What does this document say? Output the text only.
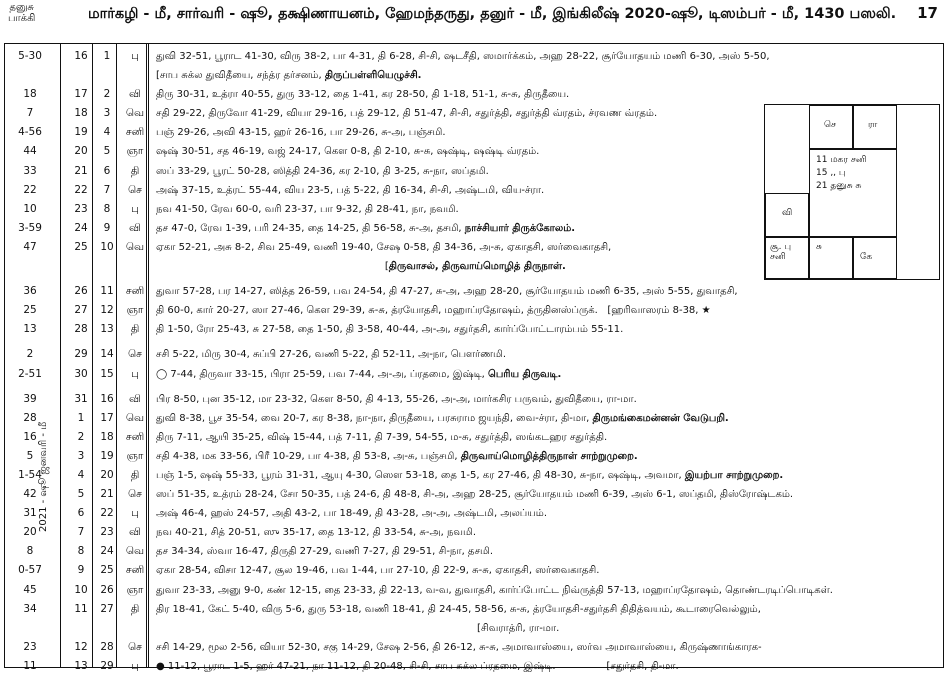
தனுசு
பாக்கி	மார்கழி - மீ, சார்வரி - ஷூ, தக்ஷிணாயனம், ஹேமந்தருது, தனுர் - மீ, இங்கிலீஷ் 2020-ஷூ, டிஸம்பர் - மீ, 1430 பஸலி. 17
2021 - ஷூ ஜனவரி - மீ
5-30	16	1	பு	துவி 32-51, பூராட 41-30, விரு 38-2, பா 4-31, தி 6-28, சி-சி, ஷடசீதி, ஸமார்க்கம், அஹ 28-22, சூர்யோதயம் மணி 6-30, அஸ் 5-50,
[சாப சுக்ல துவிதீயை, சந்த்ர தர்சனம், திருப்பள்ளியெழுச்சி.
18	17	2	வி	திரு 30-31, உத்ரா 40-55, துரு 33-12, தை 1-41, கர 28-50, தி 1-18, 51-1, சு-சு, திருதீயை.
7	18	3	வெ	சதி 29-22, திருவோ 41-29, வியா 29-16, பத் 29-12, தி 51-47, சி-சி, சதுர்த்தி, சதுர்த்தி வ்ரதம், ச்ரவண வ்ரதம்.
4-56	19	4	சனி	பஞ் 29-26, அவி 43-15, ஹர் 26-16, பா 29-26, சு-அ, பஞ்சமி.
44	20	5	ஞா	ஷஷ் 30-51, சத 46-19, வஜ் 24-17, கௌ 0-8, தி 2-10, சு-சு, ஷஷ்டி, ஷஷ்டி வ்ரதம்.
33	21	6	தி	ஸப் 33-29, பூரட் 50-28, ஸித்தி 24-36, கர 2-10, தி 3-25, சு-நா, ஸப்தமி.
22	22	7	செ	அஷ் 37-15, உத்ரட் 55-44, விய 23-5, பத் 5-22, தி 16-34, சி-சி, அஷ்டமி, விய-ச்ரா.
10	23	8	பு	நவ 41-50, ரேவ 60-0, வரி 23-37, பா 9-32, தி 28-41, நா, நவமி.
3-59	24	9	வி	தச 47-0, ரேவ 1-39, பரி 24-35, தை 14-25, தி 56-58, சு-அ, தசமி, நாச்சியார் திருக்கோலம்.
47	25	10	வெ	ஏகா 52-21, அசு 8-2, சிவ 25-49, வணி 19-40, சேஷ 0-58, தி 34-36, அ-சு, ஏகாதசி, ஸர்வைகாதசி,
[திருவாசல், திருவாய்மொழித் திருநாள்.
36	26	11	சனி	துவா 57-28, பர 14-27, ஸித்த 26-59, பவ 24-54, தி 47-27, சு-அ, அஹ 28-20, சூர்யோதயம் மணி 6-35, அஸ் 5-55, துவாதசி,
25	27	12	ஞா	தி 60-0, கார் 20-27, ஸா 27-46, கௌ 29-39, சு-சு, த்ரயோதசி, மஹாப்ரதோஷம், த்ருதினஸ்ப்ருக்.   [ஹரிவாஸரம் 8-38, ★
13	28	13	தி	தி 1-50, ரோ 25-43, சு 27-58, தை 1-50, தி 3-58, 40-44, அ-அ, சதுர்தசி, கார்ப்போட்டாரம்பம் 55-11.
2	29	14	செ	சசி 5-22, மிரு 30-4, சுப்பி 27-26, வணி 5-22, தி 52-11, அ-நா, பௌர்ணமி.
2-51	30	15	பு	◯ 7-44, திருவா 33-15, பிரா 25-59, பவ 7-44, அ-அ, ப்ரதமை, இஷ்டி, பெரிய திருவடி.
39	31	16	வி	பிர 8-50, புன 35-12, மா 23-32, கௌ 8-50, தி 4-13, 55-26, அ-அ, மார்கசிர பருவம், துவிதீயை, ரா-மா.
28	1	17	வெ	துவி 8-38, பூச 35-54, வை 20-7, கர 8-38, நா-நா, திருதீயை, பரசுராம ஜயந்தி, வை-ச்ரா, தி-மா, திருமங்கைமன்னன் வேடுபறி.
16	2	18	சனி	திரு 7-11, ஆயி 35-25, விஷ் 15-44, பத் 7-11, தி 7-39, 54-55, ம-சு, சதுர்த்தி, ஸங்கடஹர சதுர்த்தி.
5	3	19	ஞா	சதி 4-38, மக 33-56, பிரீ 10-29, பா 4-38, தி 53-8, அ-சு, பஞ்சமி, திருவாய்மொழித்திருநாள் சாற்றுமுறை.
1-54	4	20	தி	பஞ் 1-5, ஷஷ் 55-33, பூரம் 31-31, ஆயு 4-30, ஸௌ 53-18, தை 1-5, கர 27-46, தி 48-30, சு-நா, ஷஷ்டி, அவமா, இயற்பா சாற்றுமுறை.
42	5	21	செ	ஸப் 51-35, உத்ரம் 28-24, சோ 50-35, பத் 24-6, தி 48-8, சி-அ, அஹ 28-25, சூர்யோதயம் மணி 6-39, அஸ் 6-1, ஸப்தமி, திஸ்ரோஷ்டகம்.
31	6	22	பு	அஷ் 46-4, ஹஸ் 24-57, அதி 43-2, பா 18-49, தி 43-28, அ-அ, அஷ்டமி, அலப்யம்.
20	7	23	வி	நவ 40-21, சித் 20-51, ஸு 35-17, தை 13-12, தி 33-54, சு-அ, நவமி.
8	8	24	வெ	தச 34-34, ஸ்வா 16-47, திருதி 27-29, வணி 7-27, தி 29-51, சி-நா, தசமி.
0-57	9	25	சனி	ஏகா 28-54, விசா 12-47, சூல 19-46, பவ 1-44, பா 27-10, தி 22-9, சு-சு, ஏகாதசி, ஸர்வைகாதசி.
45	10	26	ஞா	துவா 23-33, அனு 9-0, கண் 12-15, தை 23-33, தி 22-13, வ-வ, துவாதசி, கார்ப்போட்ட நிவ்ருத்தி 57-13, மஹாப்ரதோஷம், தொண்டரடிப்பொடிகள்.
34	11	27	தி	திர 18-41, கேட் 5-40, விரு 5-6, துரு 53-18, வணி 18-41, தி 24-45, 58-56, சு-சு, த்ரயோதசி-சதுர்தசி திதித்வயம், கூடாரைவெல்லும்,
[சிவராத்ரி, ரா-மா.
23	12	28	செ	சசி 14-29, மூல 2-56, வியா 52-30, சகு 14-29, சேஷ 2-56, தி 26-12, சு-சு, அமாவாஸ்யை, ஸர்வ அமாவாஸ்யை, கிருஷ்ணாங்காரக-
11	13	29	பு	● 11-12, பூராட 1-5, ஹர் 47-21, நா 11-12, தி 20-48, சி-சி, சாப சுக்ல ப்ரதமை, இஷ்டி.                [சதுர்தசி, தி-மா.
செ	ரா
வி
சூ. பு
சனி
சு
கே
11 மகர சனி
15 ,, பு
21 தனுசு சு
